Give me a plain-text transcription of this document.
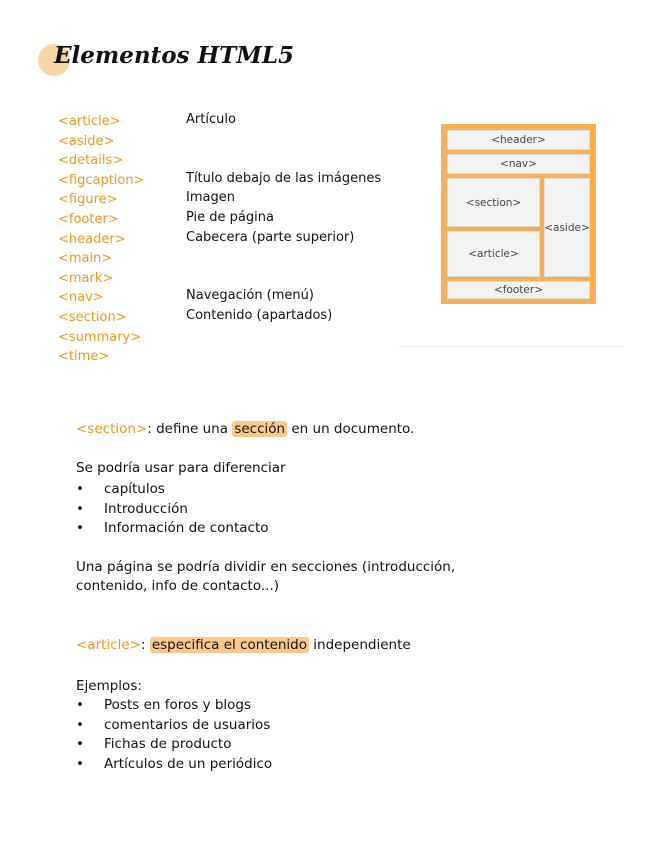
Elementos HTML5
<article>
<aside>
<details>
<figcaption>
<figure>
<footer>
<header>
<main>
<mark>
<nav>
<section>
<summary>
<time>
Artículo
Título debajo de las imágenes
Imagen
Pie de página
Cabecera (parte superior)
Navegación (menú)
Contenido (apartados)
<header>
<nav>
<section>
<article>
<aside>
<footer>
<section>: define una sección en un documento.
Se podría usar para diferenciar
• capítulos
• Introducción
• Información de contacto
Una página se podría dividir en secciones (introducción,
contenido, info de contacto...)
<article>: especifica el contenido independiente
Ejemplos:
• Posts en foros y blogs
• comentarios de usuarios
• Fichas de producto
• Artículos de un periódico
